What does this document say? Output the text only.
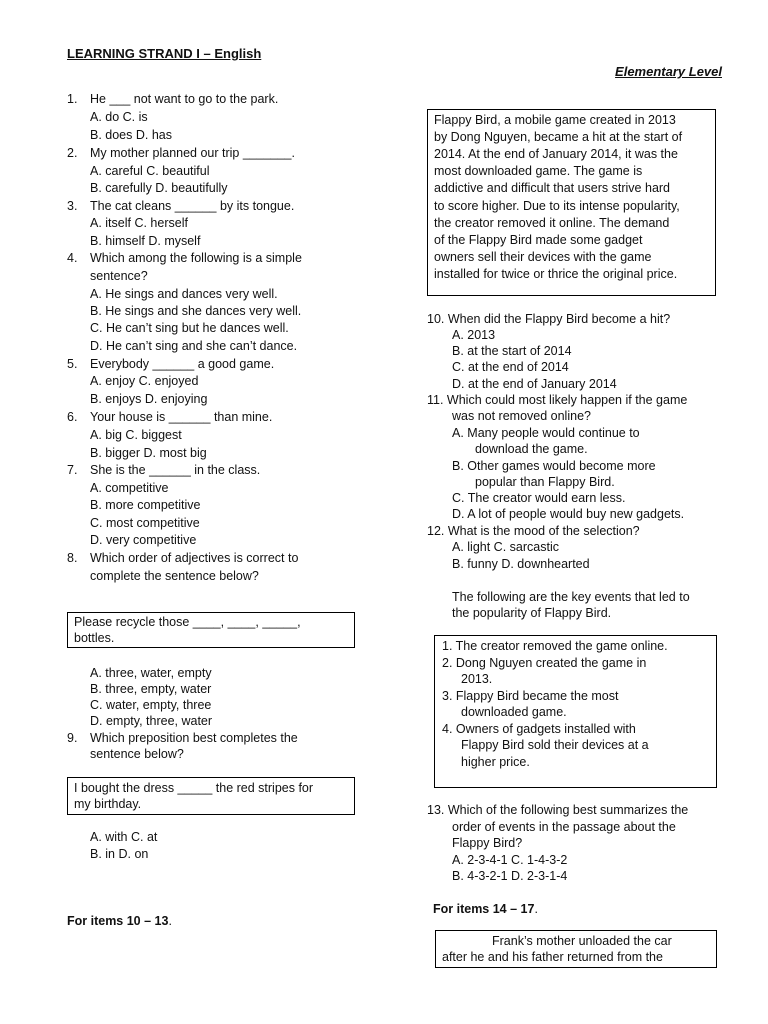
LEARNING STRAND I – English
Elementary Level
1. He ___ not want to go to the park.
A. do C. is
B. does D. has
2. My mother planned our trip _______.
A. careful C. beautiful
B. carefully D. beautifully
3. The cat cleans ______ by its tongue.
A. itself C. herself
B. himself D. myself
4. Which among the following is a simple
sentence?
A. He sings and dances very well.
B. He sings and she dances very well.
C. He can’t sing but he dances well.
D. He can’t sing and she can’t dance.
5. Everybody ______ a good game.
A. enjoy C. enjoyed
B. enjoys D. enjoying
6. Your house is ______ than mine.
A. big C. biggest
B. bigger D. most big
7. She is the ______ in the class.
A. competitive
B. more competitive
C. most competitive
D. very competitive
8. Which order of adjectives is correct to
complete the sentence below?
Please recycle those ____, ____, _____,
bottles.
A. three, water, empty
B. three, empty, water
C. water, empty, three
D. empty, three, water
9. Which preposition best completes the
sentence below?
I bought the dress _____ the red stripes for
my birthday.
A. with C. at
B. in D. on
For items 10 – 13.
Flappy Bird, a mobile game created in 2013
by Dong Nguyen, became a hit at the start of
2014. At the end of January 2014, it was the
most downloaded game. The game is
addictive and difficult that users strive hard
to score higher. Due to its intense popularity,
the creator removed it online. The demand
of the Flappy Bird made some gadget
owners sell their devices with the game
installed for twice or thrice the original price.
10. When did the Flappy Bird become a hit?
A. 2013
B. at the start of 2014
C. at the end of 2014
D. at the end of January 2014
11. Which could most likely happen if the game
was not removed online?
A. Many people would continue to
download the game.
B. Other games would become more
popular than Flappy Bird.
C. The creator would earn less.
D. A lot of people would buy new gadgets.
12. What is the mood of the selection?
A. light C. sarcastic
B. funny D. downhearted
The following are the key events that led to
the popularity of Flappy Bird.
1. The creator removed the game online.
2. Dong Nguyen created the game in
2013.
3. Flappy Bird became the most
downloaded game.
4. Owners of gadgets installed with
Flappy Bird sold their devices at a
higher price.
13. Which of the following best summarizes the
order of events in the passage about the
Flappy Bird?
A. 2-3-4-1 C. 1-4-3-2
B. 4-3-2-1 D. 2-3-1-4
For items 14 – 17.
Frank’s mother unloaded the car
after he and his father returned from the
